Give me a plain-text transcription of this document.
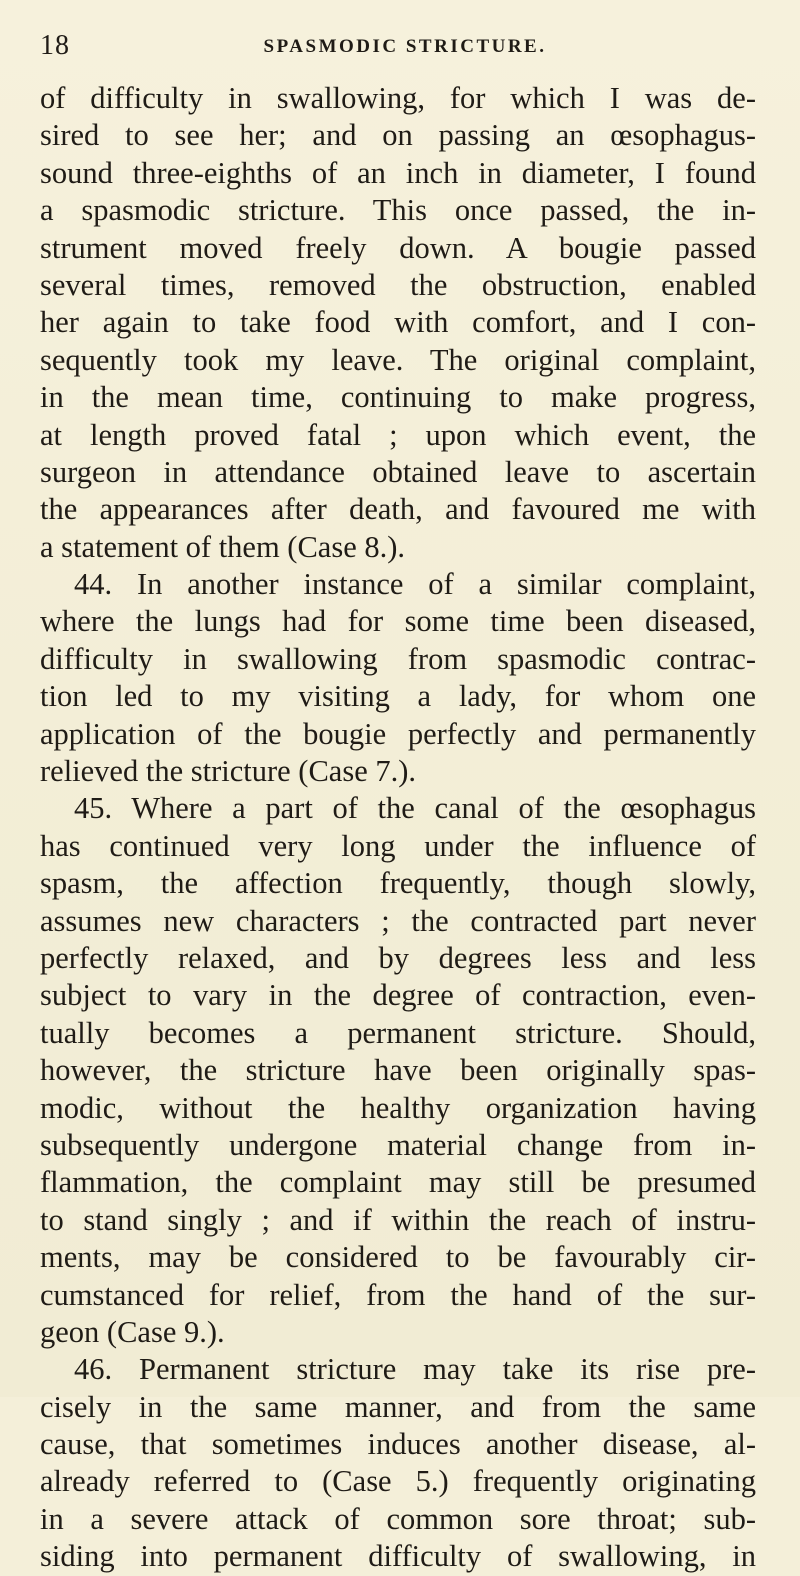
18	SPASMODIC STRICTURE.
of difficulty in swallowing, for which I was de-
sired to see her; and on passing an œsophagus-
sound three-eighths of an inch in diameter, I found
a spasmodic stricture. This once passed, the in-
strument moved freely down. A bougie passed
several times, removed the obstruction, enabled
her again to take food with comfort, and I con-
sequently took my leave. The original complaint,
in the mean time, continuing to make progress,
at length proved fatal ; upon which event, the
surgeon in attendance obtained leave to ascertain
the appearances after death, and favoured me with
a statement of them (Case 8.).
44. In another instance of a similar complaint,
where the lungs had for some time been diseased,
difficulty in swallowing from spasmodic contrac-
tion led to my visiting a lady, for whom one
application of the bougie perfectly and permanently
relieved the stricture (Case 7.).
45. Where a part of the canal of the œsophagus
has continued very long under the influence of
spasm, the affection frequently, though slowly,
assumes new characters ; the contracted part never
perfectly relaxed, and by degrees less and less
subject to vary in the degree of contraction, even-
tually becomes a permanent stricture. Should,
however, the stricture have been originally spas-
modic, without the healthy organization having
subsequently undergone material change from in-
flammation, the complaint may still be presumed
to stand singly ; and if within the reach of instru-
ments, may be considered to be favourably cir-
cumstanced for relief, from the hand of the sur-
geon (Case 9.).
46. Permanent stricture may take its rise pre-
cisely in the same manner, and from the same
cause, that sometimes induces another disease, al-
already referred to (Case 5.) frequently originating
in a severe attack of common sore throat; sub-
siding into permanent difficulty of swallowing, in
